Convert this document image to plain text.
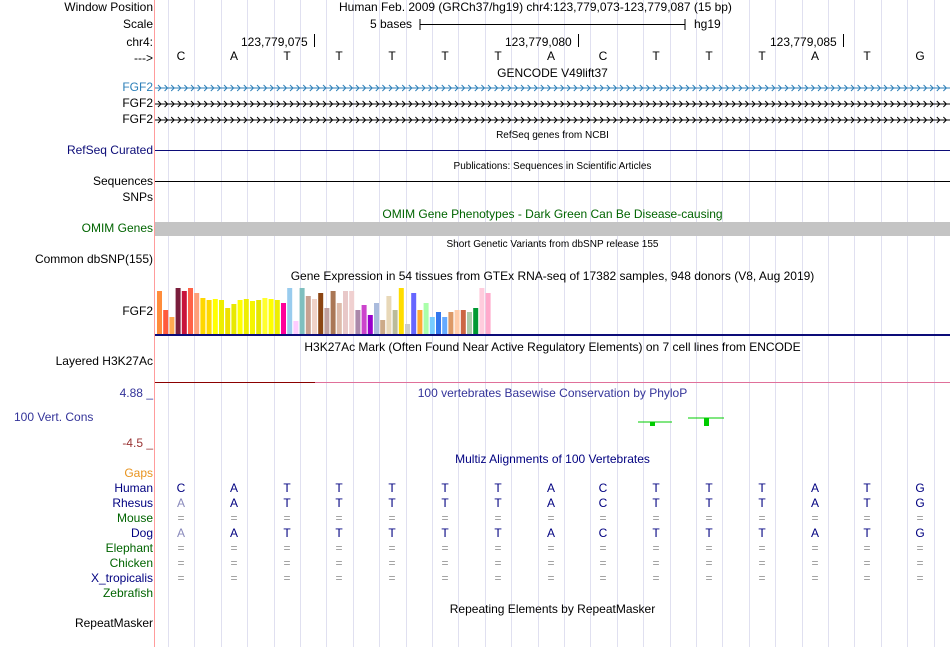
Window Position	Human Feb. 2009 (GRCh37/hg19) chr4:123,779,073-123,779,087 (15 bp)
Scale	5 bases	hg19
chr4:	123,779,075	123,779,080	123,779,085
--->	C	A	T	T	T	T	T	A	C	T	T	T	A	T	G
GENCODE V49lift37
FGF2
FGF2
FGF2
RefSeq genes from NCBI
RefSeq Curated
Publications: Sequences in Scientific Articles
Sequences
SNPs
OMIM Gene Phenotypes - Dark Green Can Be Disease-causing
OMIM Genes
Short Genetic Variants from dbSNP release 155
Common dbSNP(155)
Gene Expression in 54 tissues from GTEx RNA-seq of 17382 samples, 948 donors (V8, Aug 2019)
FGF2
H3K27Ac Mark (Often Found Near Active Regulatory Elements) on 7 cell lines from ENCODE
Layered H3K27Ac
100 vertebrates Basewise Conservation by PhyloP
4.88 _
100 Vert. Cons
-4.5 _
Multiz Alignments of 100 Vertebrates
Gaps
Human	C	A	T	T	T	T	T	A	C	T	T	T	A	T	G
Rhesus	A	A	T	T	T	T	T	A	C	T	T	T	A	T	G
Mouse	=	=	=	=	=	=	=	=	=	=	=	=	=	=	=
Dog	A	A	T	T	T	T	T	A	C	T	T	T	A	T	G
Elephant	=	=	=	=	=	=	=	=	=	=	=	=	=	=	=
Chicken	=	=	=	=	=	=	=	=	=	=	=	=	=	=	=
X_tropicalis	=	=	=	=	=	=	=	=	=	=	=	=	=	=	=
Zebrafish
Repeating Elements by RepeatMasker
RepeatMasker
